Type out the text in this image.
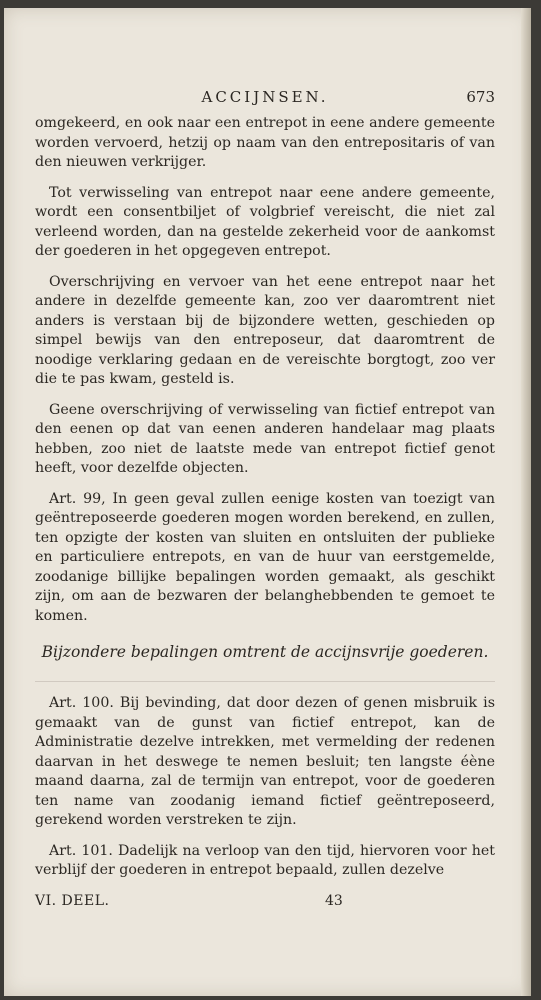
ACCIJNSEN.	673

omgekeerd, en ook naar een entrepot in eene andere gemeente worden vervoerd, hetzij op naam van den entrepositaris of van den nieuwen verkrijger.

Tot verwisseling van entrepot naar eene andere gemeente, wordt een consentbiljet of volgbrief vereischt, die niet zal verleend worden, dan na gestelde zekerheid voor de aankomst der goederen in het opgegeven entrepot.

Overschrijving en vervoer van het eene entrepot naar het andere in dezelfde gemeente kan, zoo ver daaromtrent niet anders is verstaan bij de bijzondere wetten, geschieden op simpel bewijs van den entreposeur, dat daaromtrent de noodige verklaring gedaan en de vereischte borgtogt, zoo ver die te pas kwam, gesteld is.

Geene overschrijving of verwisseling van fictief entrepot van den eenen op dat van eenen anderen handelaar mag plaats hebben, zoo niet de laatste mede van entrepot fictief genot heeft, voor dezelfde objecten.

Art. 99, In geen geval zullen eenige kosten van toezigt van geëntreposeerde goederen mogen worden berekend, en zullen, ten opzigte der kosten van sluiten en ontsluiten der publieke en particuliere entrepots, en van de huur van eerstgemelde, zoodanige billijke bepalingen worden gemaakt, als geschikt zijn, om aan de bezwaren der belanghebbenden te gemoet te komen.

Bijzondere bepalingen omtrent de accijnsvrije goederen.

Art. 100. Bij bevinding, dat door dezen of genen misbruik is gemaakt van de gunst van fictief entrepot, kan de Administratie dezelve intrekken, met vermelding der redenen daarvan in het deswege te nemen besluit; ten langste éène maand daarna, zal de termijn van entrepot, voor de goederen ten name van zoodanig iemand fictief geëntreposeerd, gerekend worden verstreken te zijn.

Art. 101. Dadelijk na verloop van den tijd, hiervoren voor het verblijf der goederen in entrepot bepaald, zullen dezelve

VI. DEEL.	43
